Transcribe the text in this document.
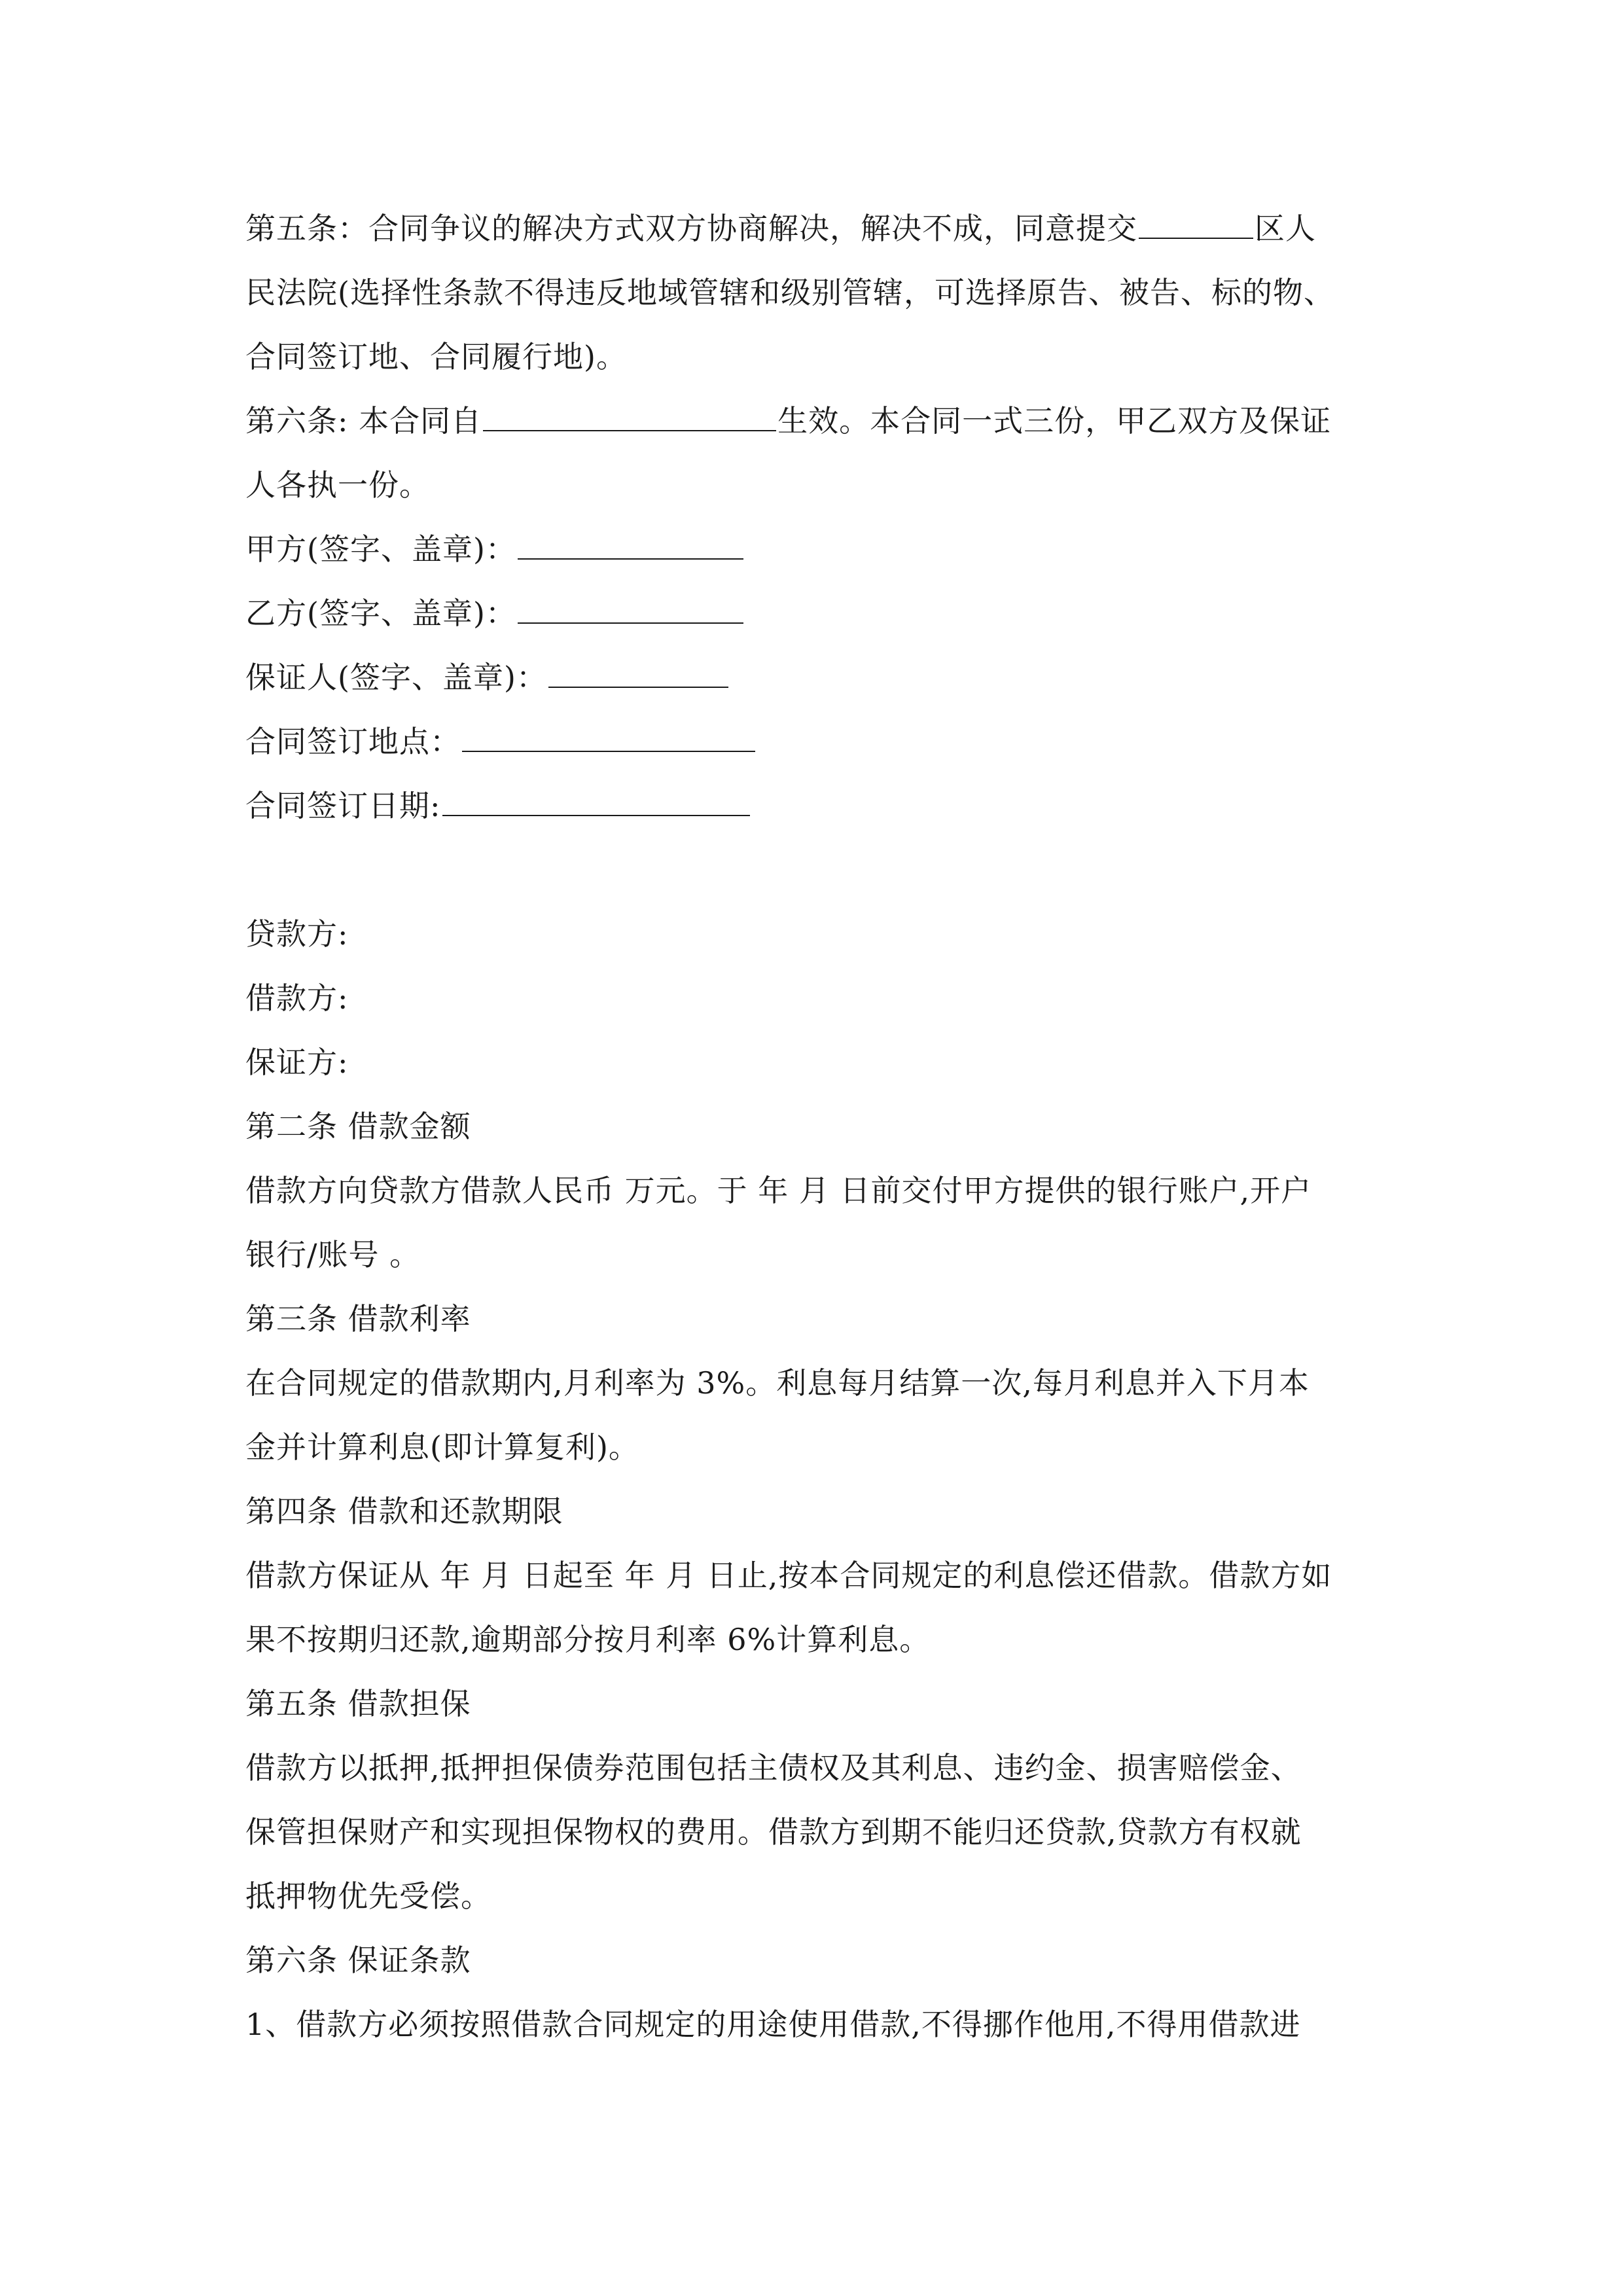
第五条：合同争议的解决方式双方协商解决，解决不成，同意提交	区人
民法院(选择性条款不得违反地域管辖和级别管辖，可选择原告、被告、标的物、
合同签订地、合同履行地)。
第六条: 本合同自	生效。本合同一式三份，甲乙双方及保证
人各执一份。
甲方(签字、盖章)：
乙方(签字、盖章)：
保证人(签字、盖章)：
合同签订地点：
合同签订日期:
贷款方:
借款方:
保证方:
第二条 借款金额
借款方向贷款方借款人民币 万元。于 年 月 日前交付甲方提供的银行账户,开户
银行/账号 。
第三条 借款利率
在合同规定的借款期内,月利率为 3%。利息每月结算一次,每月利息并入下月本
金并计算利息(即计算复利)。
第四条 借款和还款期限
借款方保证从 年 月 日起至 年 月 日止,按本合同规定的利息偿还借款。借款方如
果不按期归还款,逾期部分按月利率 6%计算利息。
第五条 借款担保
借款方以抵押,抵押担保债券范围包括主债权及其利息、违约金、损害赔偿金、
保管担保财产和实现担保物权的费用。借款方到期不能归还贷款,贷款方有权就
抵押物优先受偿。
第六条 保证条款
1、借款方必须按照借款合同规定的用途使用借款,不得挪作他用,不得用借款进
